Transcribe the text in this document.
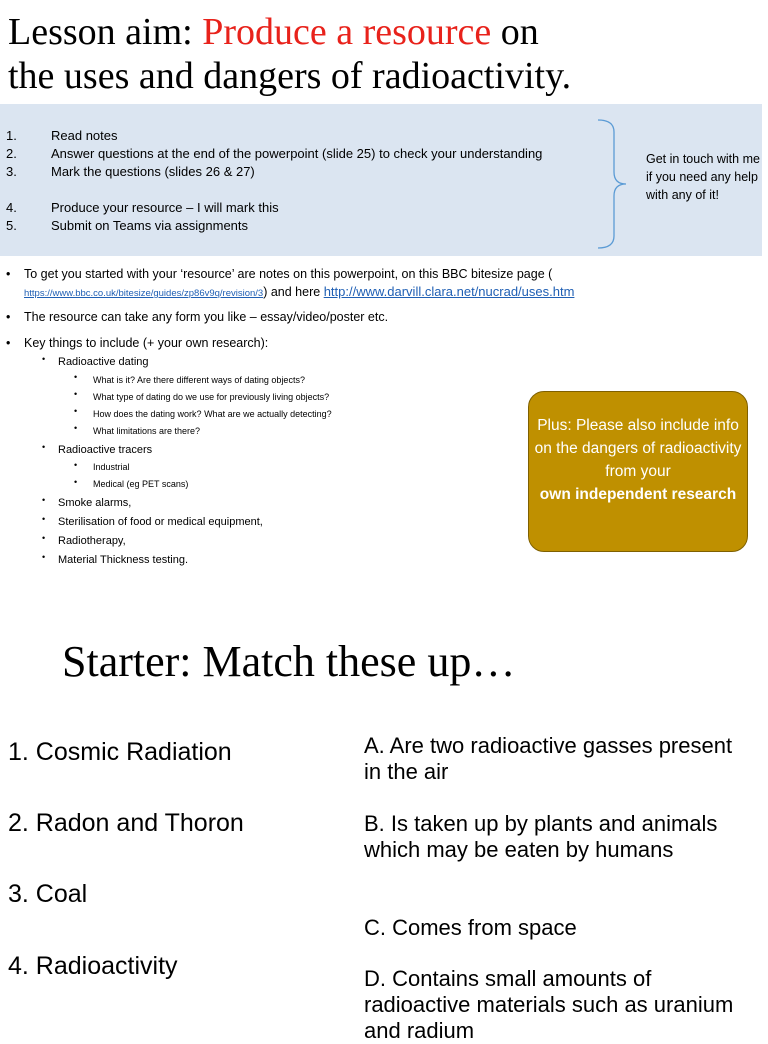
Lesson aim: Produce a resource on
the uses and dangers of radioactivity.
1.	Read notes
2.	Answer questions at the end of the powerpoint (slide 25) to check your understanding
3.	Mark the questions (slides 26 & 27)
4.	Produce your resource – I will mark this
5.	Submit on Teams via assignments
Get in touch with me if you need any help with any of it!
• To get you started with your ‘resource’ are notes on this powerpoint, on this BBC bitesize page (
https://www.bbc.co.uk/bitesize/guides/zp86v9q/revision/3) and here http://www.darvill.clara.net/nucrad/uses.htm
• The resource can take any form you like – essay/video/poster etc.
• Key things to include (+ your own research):
• Radioactive dating
• What is it? Are there different ways of dating objects?
• What type of dating do we use for previously living objects?
• How does the dating work? What are we actually detecting?
• What limitations are there?
• Radioactive tracers
• Industrial
• Medical (eg PET scans)
• Smoke alarms,
• Sterilisation of food or medical equipment,
• Radiotherapy,
• Material Thickness testing.
Plus: Please also include info on the dangers of radioactivity from your
own independent research
Starter: Match these up…
1. Cosmic Radiation
2. Radon and Thoron
3. Coal
4. Radioactivity
A. Are two radioactive gasses present in the air
B. Is taken up by plants and animals which may be eaten by humans
C. Comes from space
D. Contains small amounts of radioactive materials such as uranium and radium
